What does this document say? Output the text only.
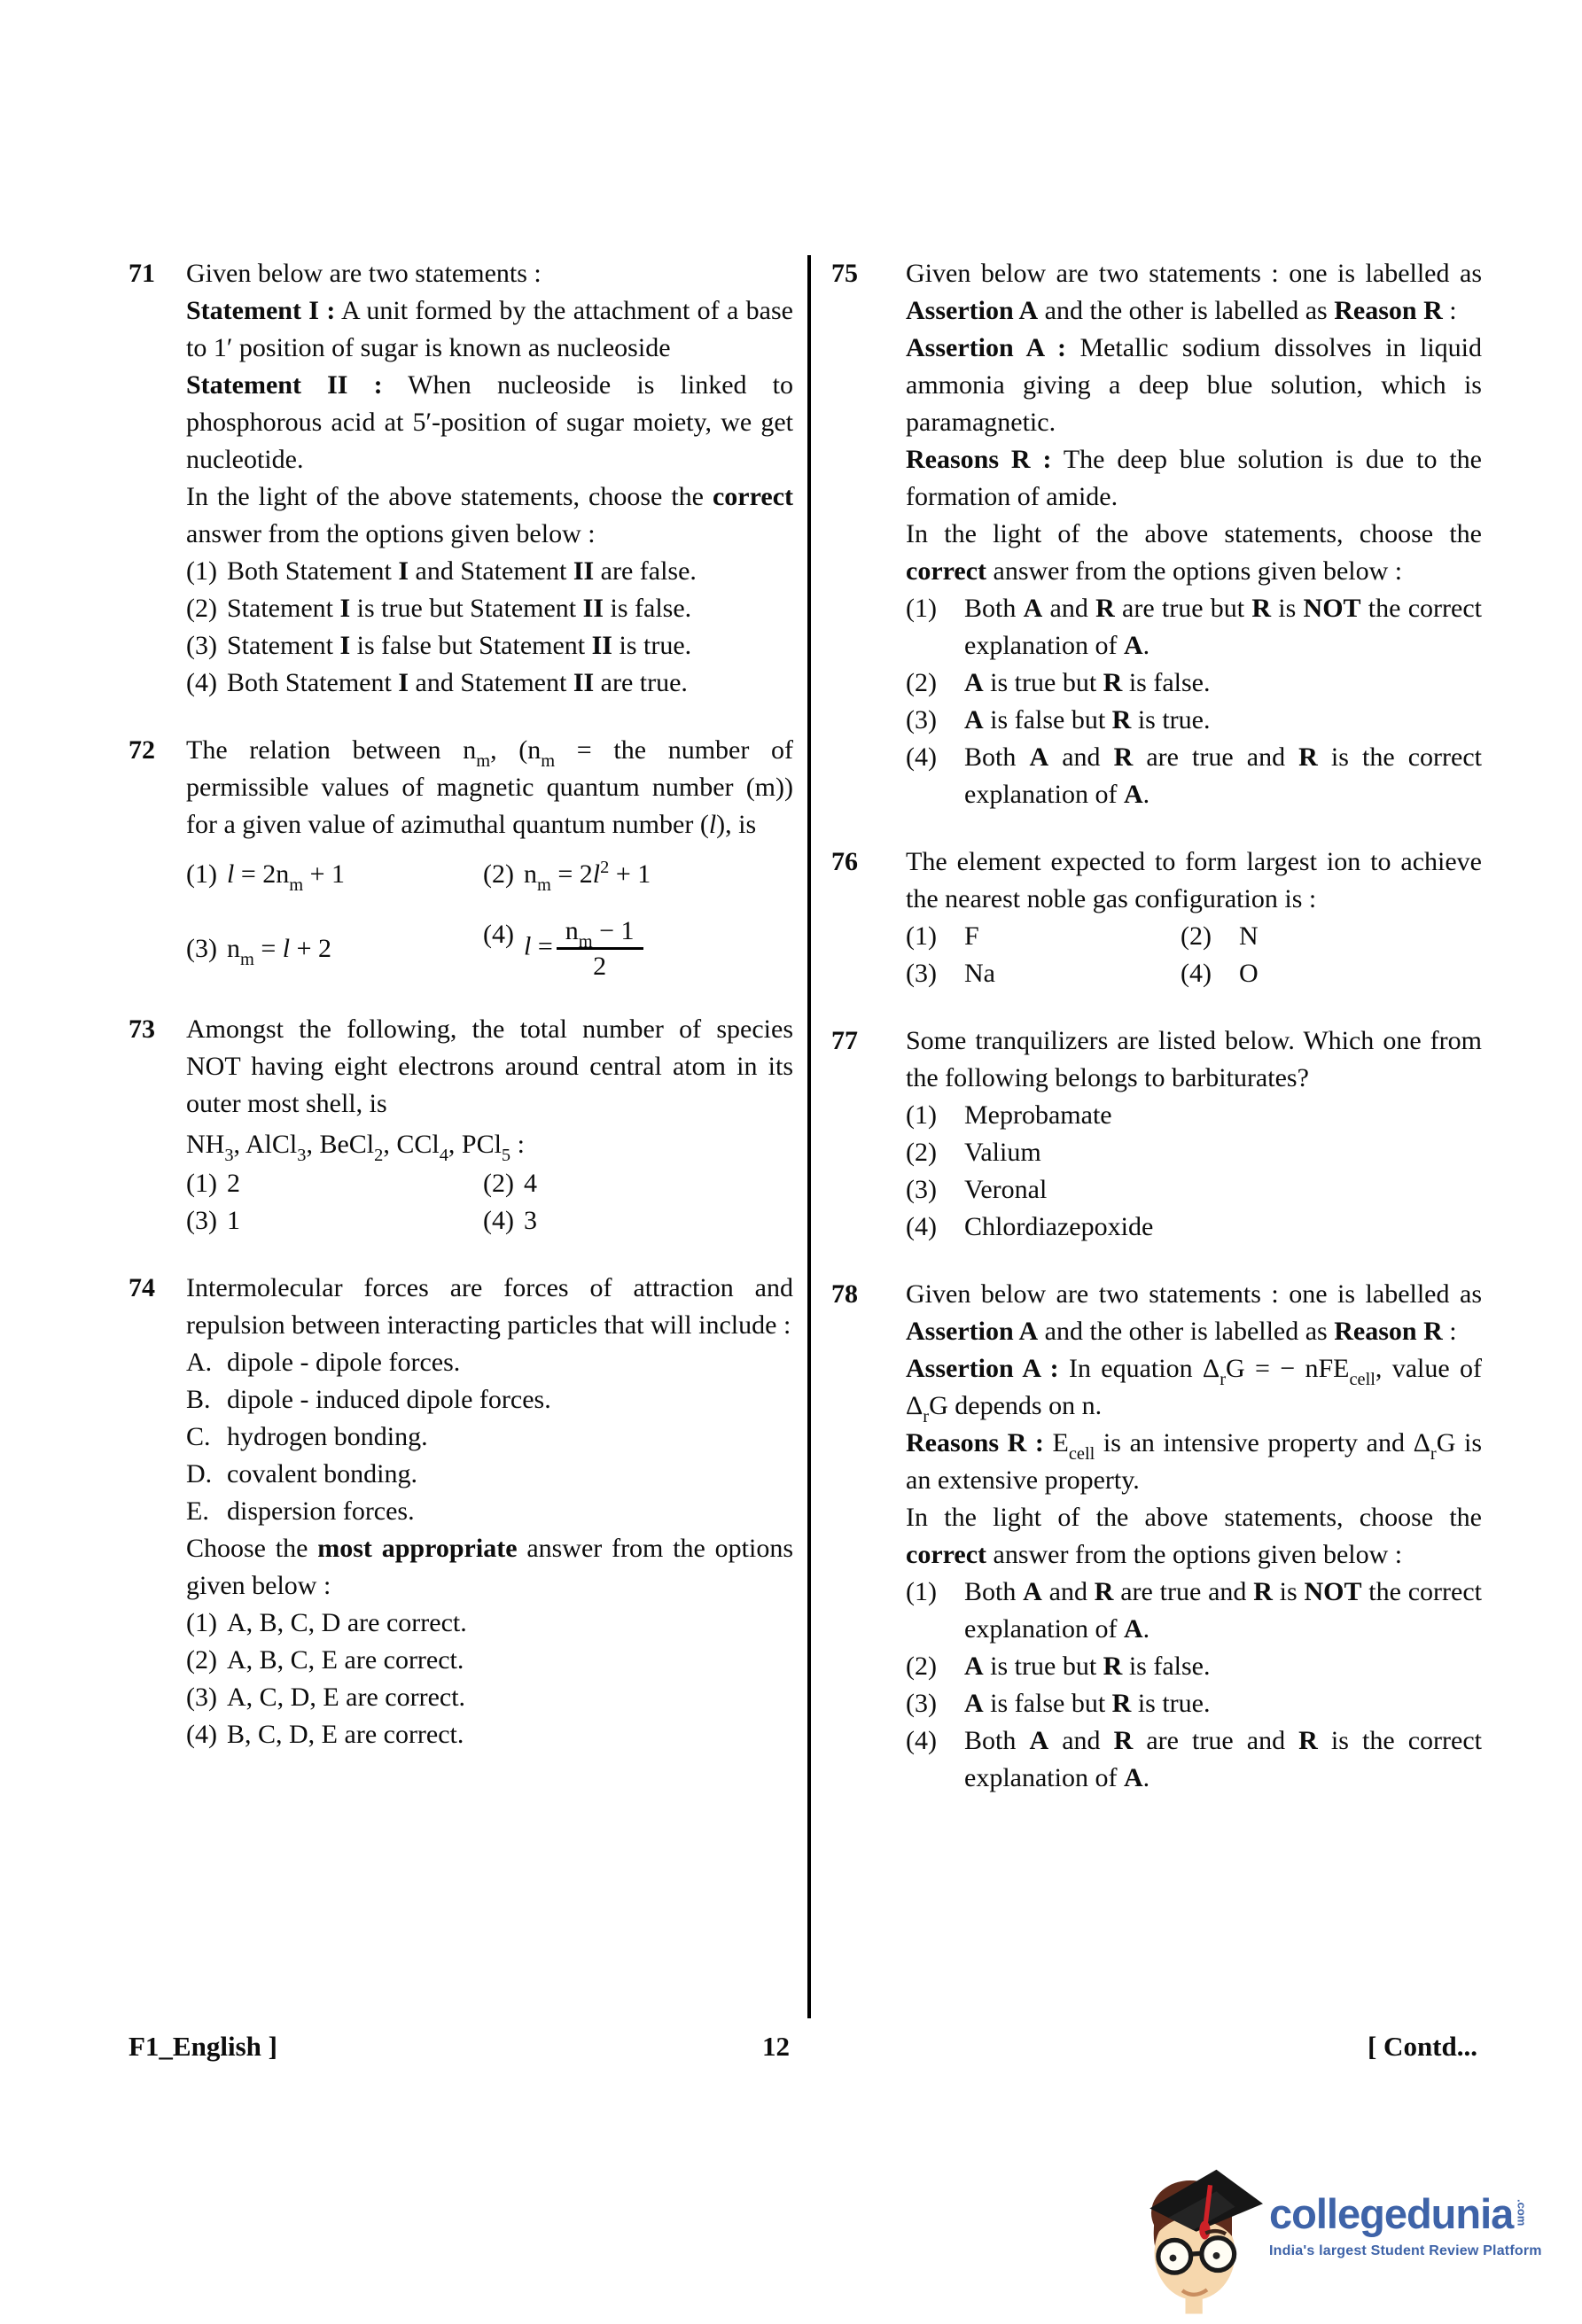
71	Given below are two statements :

Statement I : A unit formed by the attachment of a base to 1′ position of sugar is known as nucleoside

Statement II : When nucleoside is linked to phosphorous acid at 5′-position of sugar moiety, we get nucleotide.

In the light of the above statements, choose the correct answer from the options given below :

(1) Both Statement I and Statement II are false.
(2) Statement I is true but Statement II is false.
(3) Statement I is false but Statement II is true.
(4) Both Statement I and Statement II are true.
72	The relation between $n_m$, ($n_m$ = the number of permissible values of magnetic quantum number (m)) for a given value of azimuthal quantum number (l), is

(1) $l = 2n_m + 1$	(2) $n_m = 2l^2 + 1$
(3) $n_m = l + 2$	(4) $l = \frac{n_m - 1}{2}$
73	Amongst the following, the total number of species NOT having eight electrons around central atom in its outer most shell, is

$NH_3$, AlCl$_3$, BeCl$_2$, CCl$_4$, PCl$_5$ :

(1) 2	(2) 4
(3) 1	(4) 3
74	Intermolecular forces are forces of attraction and repulsion between interacting particles that will include :

A. dipole - dipole forces.
B. dipole - induced dipole forces.
C. hydrogen bonding.
D. covalent bonding.
E. dispersion forces.

Choose the most appropriate answer from the options given below :

(1) A, B, C, D are correct.
(2) A, B, C, E are correct.
(3) A, C, D, E are correct.
(4) B, C, D, E are correct.
75	Given below are two statements : one is labelled as Assertion A and the other is labelled as Reason R :

Assertion A : Metallic sodium dissolves in liquid ammonia giving a deep blue solution, which is paramagnetic.

Reasons R : The deep blue solution is due to the formation of amide.

In the light of the above statements, choose the correct answer from the options given below :

(1)	Both A and R are true but R is NOT the correct explanation of A.
(2)	A is true but R is false.
(3)	A is false but R is true.
(4)	Both A and R are true and R is the correct explanation of A.
76	The element expected to form largest ion to achieve the nearest noble gas configuration is :

(1)	F	(2)	N
(3)	Na	(4)	O
77	Some tranquilizers are listed below. Which one from the following belongs to barbiturates?

(1)	Meprobamate
(2)	Valium
(3)	Veronal
(4)	Chlordiazepoxide
78	Given below are two statements : one is labelled as Assertion A and the other is labelled as Reason R :

Assertion A : In equation $\Delta_rG$ = − nFE$_{cell}$, value of $\Delta_rG$ depends on n.

Reasons R : $E_{cell}$ is an intensive property and $\Delta_rG$ is an extensive property.

In the light of the above statements, choose the correct answer from the options given below :

(1)	Both A and R are true and R is NOT the correct explanation of A.
(2)	A is true but R is false.
(3)	A is false but R is true.
(4)	Both A and R are true and R is the correct explanation of A.
F1_English ]	12	[ Contd...
collegedunia .com
India's largest Student Review Platform
